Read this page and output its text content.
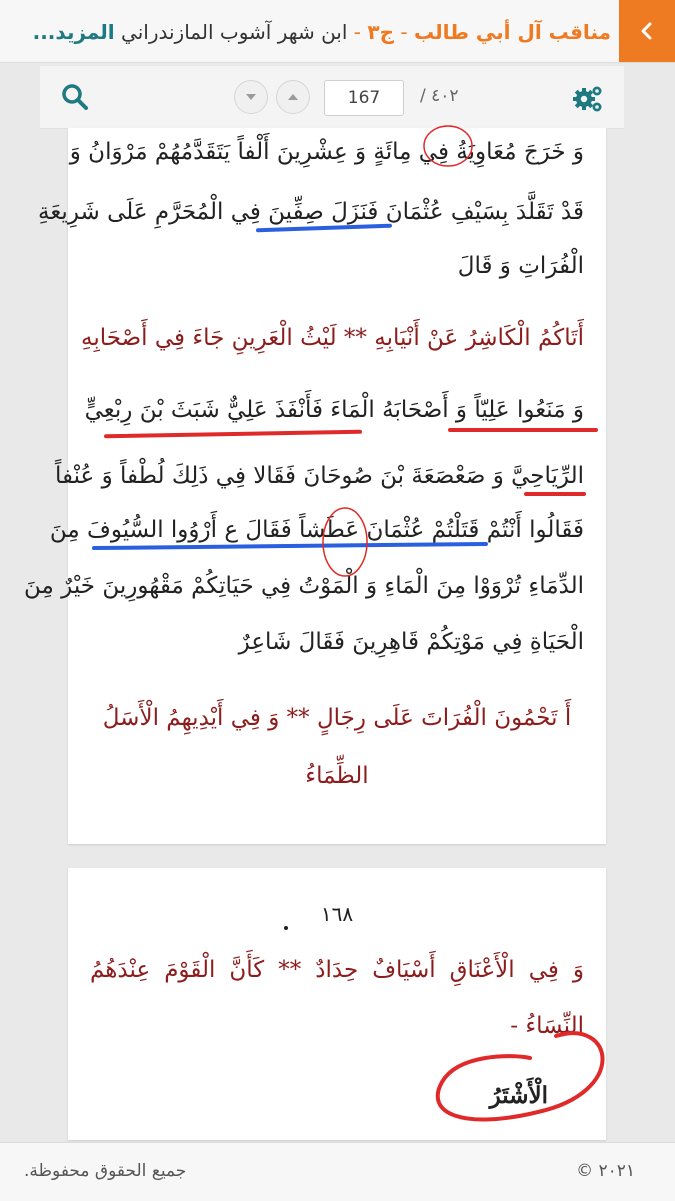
مناقب آل أبي طالب - ج٣ - ابن شهر آشوب المازندراني المزيد...
167
/ ٤٠٢
وَ خَرَجَ مُعَاوِيَةُ فِي مِائَةٍ وَ عِشْرِينَ أَلْفاً يَتَقَدَّمُهُمْ مَرْوَانُ وَ
قَدْ تَقَلَّدَ بِسَيْفِ عُثْمَانَ فَنَزَلَ صِفِّينَ فِي الْمُحَرَّمِ عَلَى شَرِيعَةِ
الْفُرَاتِ وَ قَالَ
أَتَاكُمُ الْكَاشِرُ عَنْ أَنْيَابِهِ ** لَيْثُ الْعَرِينِ جَاءَ فِي أَصْحَابِهِ
وَ مَنَعُوا عَلِيّاً وَ أَصْحَابَهُ الْمَاءَ فَأَنْفَذَ عَلِيٌّ شَبَثَ بْنَ رِبْعِيٍّ
الرِّيَاحِيَّ وَ صَعْصَعَةَ بْنَ صُوحَانَ فَقَالا فِي ذَلِكَ لُطْفاً وَ عُنْفاً
فَقَالُوا أَنْتُمْ قَتَلْتُمْ عُثْمَانَ عَطَشاً فَقَالَ ع أَرْوُوا السُّيُوفَ مِنَ
الدِّمَاءِ تُرْوَوْا مِنَ الْمَاءِ وَ الْمَوْتُ فِي حَيَاتِكُمْ مَقْهُورِينَ خَيْرٌ مِنَ
الْحَيَاةِ فِي مَوْتِكُمْ قَاهِرِينَ فَقَالَ شَاعِرٌ
أَ تَحْمُونَ الْفُرَاتَ عَلَى رِجَالٍ ** وَ فِي أَيْدِيهِمُ الْأَسَلُ
الظِّمَاءُ
١٦٨
وَ فِي الْأَعْنَاقِ أَسْيَافٌ حِدَادٌ ** كَأَنَّ الْقَوْمَ عِنْدَهُمُ
النِّسَاءُ -
الْأَشْتَرُ
جميع الحقوق محفوظة.	© ٢٠٢١
